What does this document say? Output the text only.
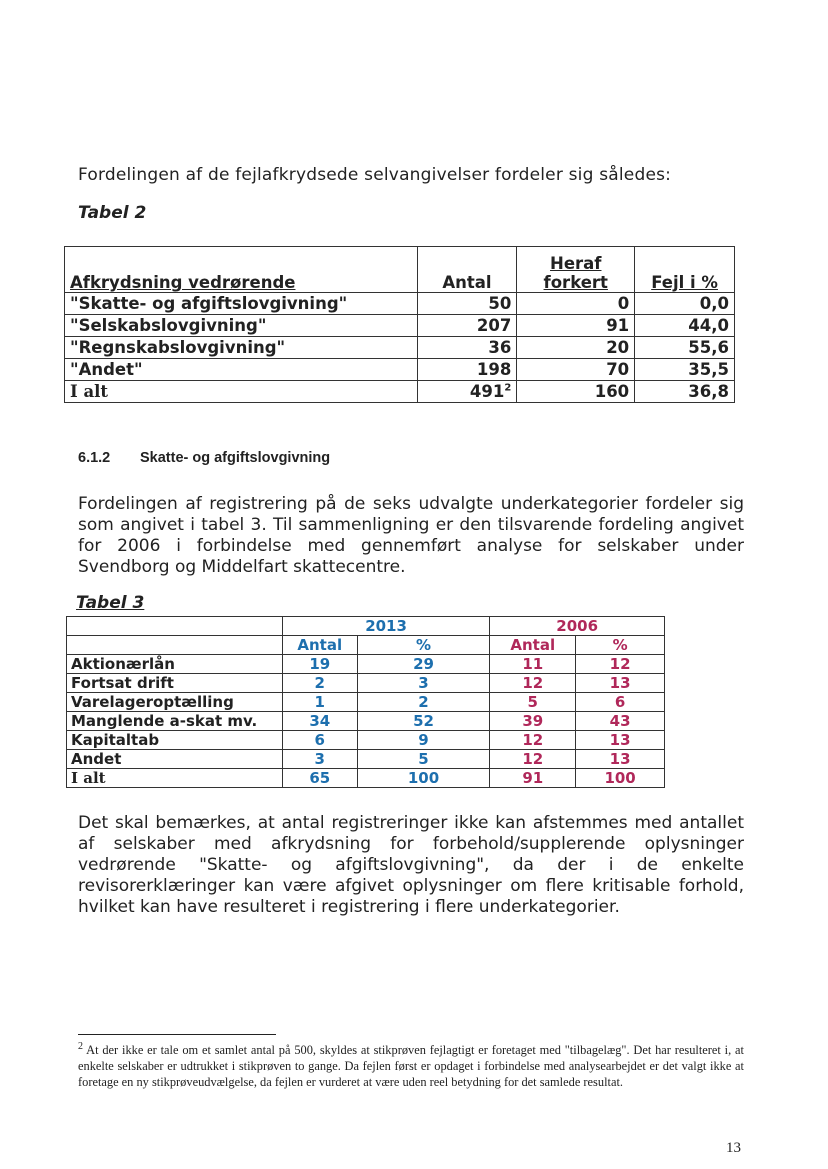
Fordelingen af de fejlafkrydsede selvangivelser fordeler sig således:
Tabel 2
Afkrydsning vedrørende	Antal	Heraf forkert	Fejl i %
"Skatte- og afgiftslovgivning"	50	0	0,0
"Selskabslovgivning"	207	91	44,0
"Regnskabslovgivning"	36	20	55,6
"Andet"	198	70	35,5
I alt	$491^2$	160	36,8
6.1.2 Skatte- og afgiftslovgivning
Fordelingen af registrering på de seks udvalgte underkategorier fordeler sig som angivet i tabel 3. Til sammenligning er den tilsvarende fordeling angivet for 2006 i forbindelse med gennemført analyse for selskaber under Svendborg og Middelfart skattecentre.
Tabel 3
	2013		2006	
	Antal	%	Antal	%
Aktionærlån	19	29	11	12
Fortsat drift	2	3	12	13
Varelageroptælling	1	2	5	6
Manglende a-skat mv.	34	52	39	43
Kapitaltab	6	9	12	13
Andet	3	5	12	13
I alt	65	100	91	100
Det skal bemærkes, at antal registreringer ikke kan afstemmes med antallet af selskaber med afkrydsning for forbehold/supplerende oplysninger vedrørende "Skatte- og afgiftslovgivning", da der i de enkelte revisorerklæringer kan være afgivet oplysninger om flere kritisable forhold, hvilket kan have resulteret i registrering i flere underkategorier.
$^2$ At der ikke er tale om et samlet antal på 500, skyldes at stikprøven fejlagtigt er foretaget med "tilbagelæg". Det har resulteret i, at enkelte selskaber er udtrukket i stikprøven to gange. Da fejlen først er opdaget i forbindelse med analysearbejdet er det valgt ikke at foretage en ny stikprøveudvælgelse, da fejlen er vurderet at være uden reel betydning for det samlede resultat.
13
